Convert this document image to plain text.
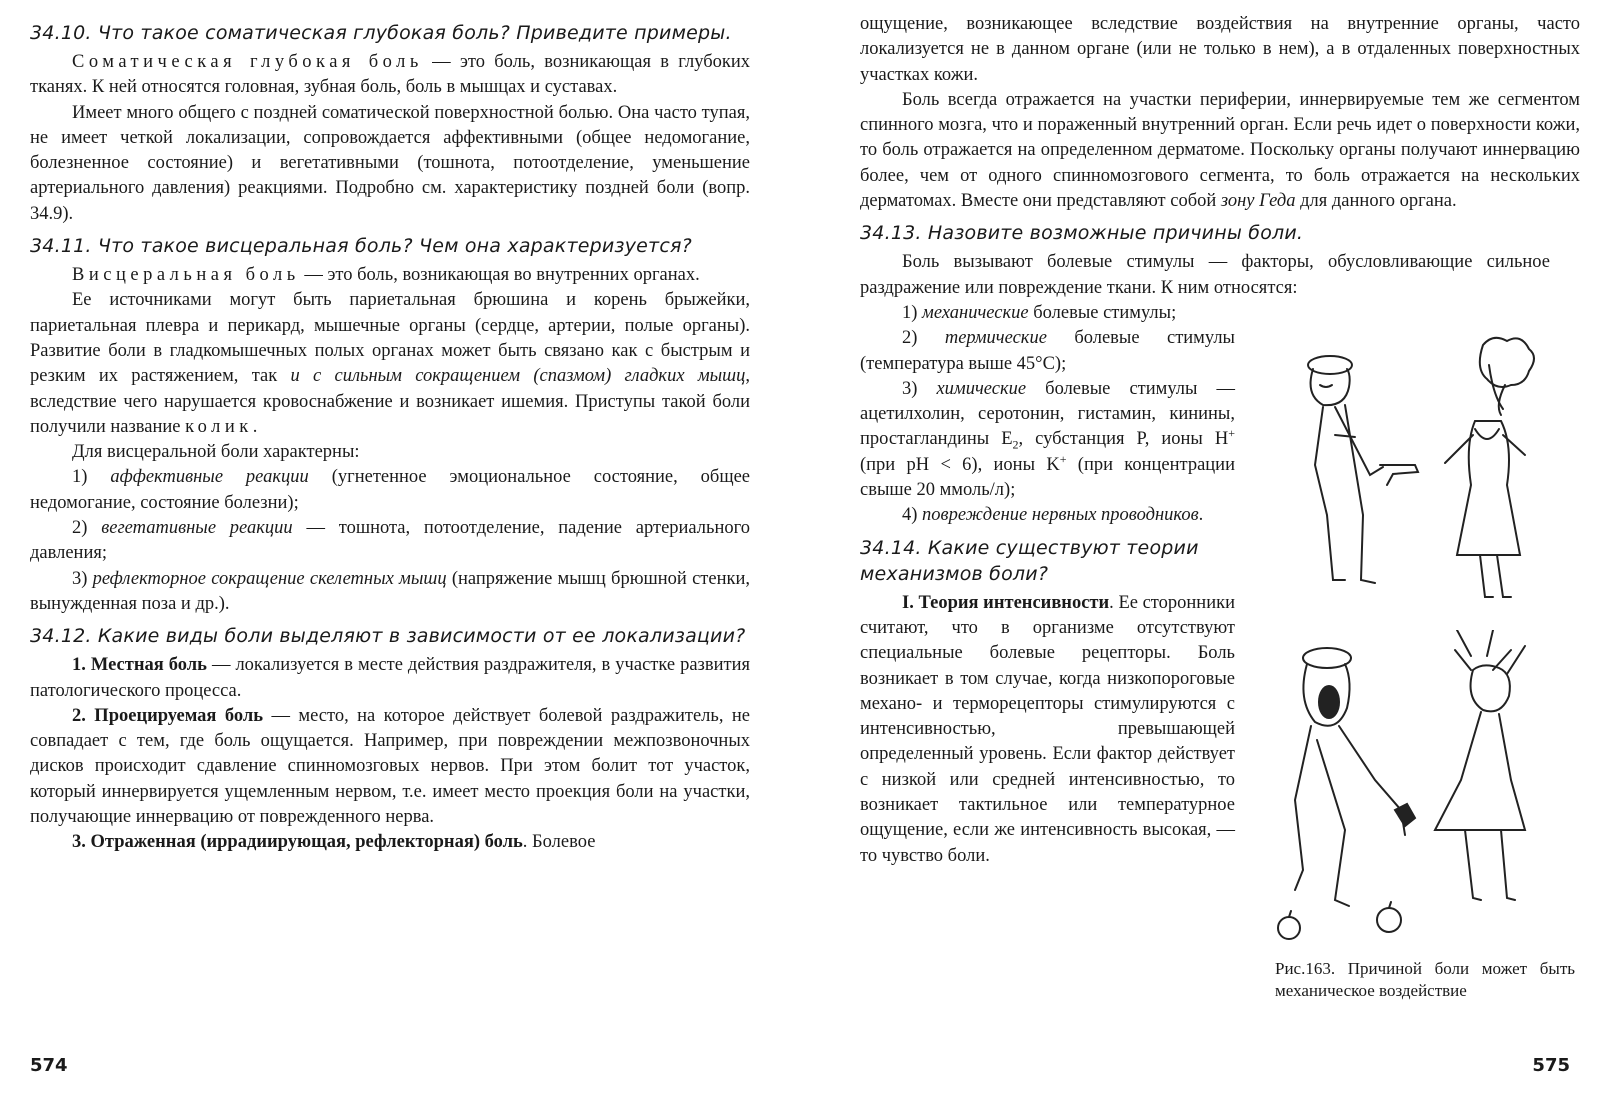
34.10. Что такое соматическая глубокая боль? Приведите примеры.

Соматическая глубокая боль — это боль, возникающая в глубоких тканях. К ней относятся головная, зубная боль, боль в мышцах и суставах.

Имеет много общего с поздней соматической поверхностной болью. Она часто тупая, не имеет четкой локализации, сопровождается аффективными (общее недомогание, болезненное состояние) и вегетативными (тошнота, потоотделение, уменьшение артериального давления) реакциями. Подробно см. характеристику поздней боли (вопр. 34.9).

34.11. Что такое висцеральная боль? Чем она характеризуется?

Висцеральная боль — это боль, возникающая во внутренних органах.

Ее источниками могут быть париетальная брюшина и корень брыжейки, париетальная плевра и перикард, мышечные органы (сердце, артерии, полые органы). Развитие боли в гладкомышечных полых органах может быть связано как с быстрым и резким их растяжением, так и с сильным сокращением (спазмом) гладких мышц, вследствие чего нарушается кровоснабжение и возникает ишемия. Приступы такой боли получили название колик.

Для висцеральной боли характерны:

1) аффективные реакции (угнетенное эмоциональное состояние, общее недомогание, состояние болезни);

2) вегетативные реакции — тошнота, потоотделение, падение артериального давления;

3) рефлекторное сокращение скелетных мышц (напряжение мышц брюшной стенки, вынужденная поза и др.).

34.12. Какие виды боли выделяют в зависимости от ее локализации?

1. Местная боль — локализуется в месте действия раздражителя, в участке развития патологического процесса.

2. Проецируемая боль — место, на которое действует болевой раздражитель, не совпадает с тем, где боль ощущается. Например, при повреждении межпозвоночных дисков происходит сдавление спинномозговых нервов. При этом болит тот участок, который иннервируется ущемленным нервом, т.е. имеет место проекция боли на участки, получающие иннервацию от поврежденного нерва.

3. Отраженная (иррадиирующая, рефлекторная) боль. Болевое

574

ощущение, возникающее вследствие воздействия на внутренние органы, часто локализуется не в данном органе (или не только в нем), а в отдаленных поверхностных участках кожи.

Боль всегда отражается на участки периферии, иннервируемые тем же сегментом спинного мозга, что и пораженный внутренний орган. Если речь идет о поверхности кожи, то боль отражается на определенном дерматоме. Поскольку органы получают иннервацию более, чем от одного спинномозгового сегмента, то боль отражается на нескольких дерматомах. Вместе они представляют собой зону Геда для данного органа.

34.13. Назовите возможные причины боли.

Боль вызывают болевые стимулы — факторы, обусловливающие сильное раздражение или повреждение ткани. К ним относятся:

1) механические болевые стимулы;

2) термические болевые стимулы (температура выше 45°С);

3) химические болевые стимулы — ацетилхолин, серотонин, гистамин, кинины, простагландины $E_2$, субстанция P, ионы H+ (при pH < 6), ионы K+ (при концентрации свыше 20 ммоль/л);

4) повреждение нервных проводников.

34.14. Какие существуют теории механизмов боли?

I. Теория интенсивности. Ее сторонники считают, что в организме отсутствуют специальные болевые рецепторы. Боль возникает в том случае, когда низкопороговые механо- и терморецепторы стимулируются с интенсивностью, превышающей определенный уровень. Если фактор действует с низкой или средней интенсивностью, то возникает тактильное или температурное ощущение, если же интенсивность высокая, — то чувство боли.

Рис.163. Причиной боли может быть механическое воздействие
575
